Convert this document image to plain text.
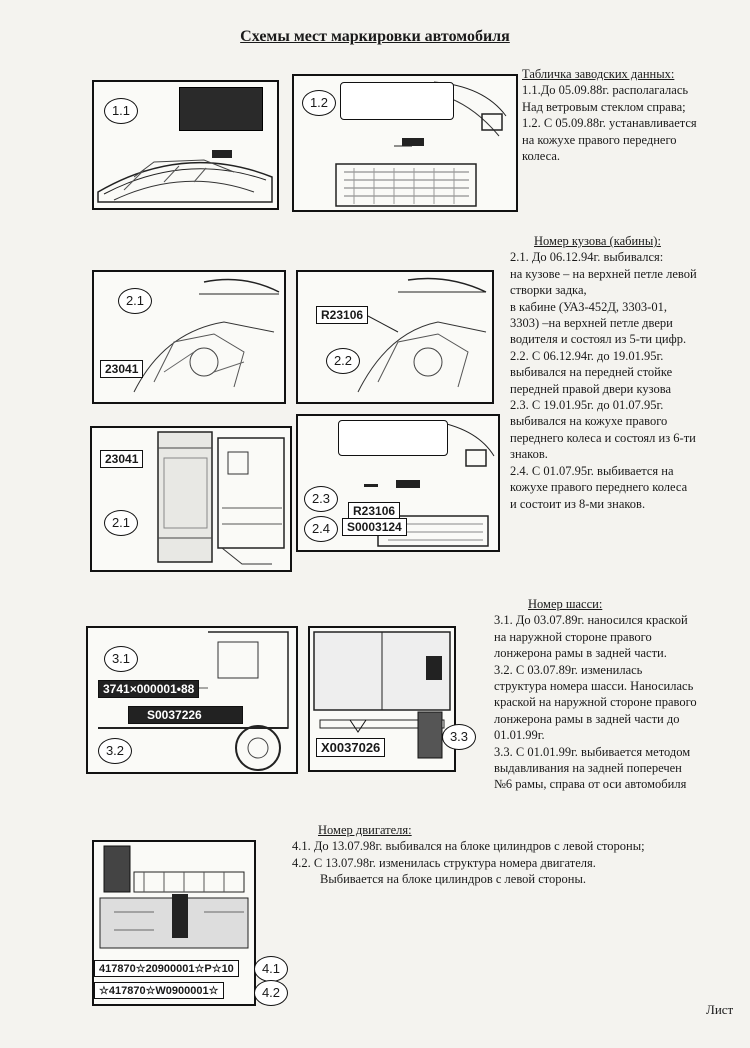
Схемы мест маркировки автомобиля
1.1
1.2
Табличка заводских данных:
1.1.До 05.09.88г. располагалась
Над ветровым стеклом справа;
1.2. С 05.09.88г. устанавливается
на кожухе правого переднего
колеса.
2.1
23041
R23106
2.2
23041
2.1
2.3
R23106
2.4	S0003124
Номер кузова (кабины):
2.1. До 06.12.94г. выбивался:
на кузове – на верхней петле левой
створки задка,
в кабине (УАЗ-452Д, 3303-01,
3303) –на верхней петле двери
водителя и состоял из 5-ти цифр.
2.2. С 06.12.94г. до 19.01.95г.
выбивался на передней стойке
передней правой двери кузова
2.3. С 19.01.95г. до 01.07.95г.
выбивался на кожухе правого
переднего колеса и состоял из 6-ти
знаков.
2.4. С 01.07.95г. выбивается на
кожухе правого переднего колеса
и состоит из 8-ми знаков.
3.1
3741×000001•88
S0037226
3.2	X0037026
3.3
Номер шасси:
3.1. До 03.07.89г. наносился краской
на наружной стороне правого
лонжерона рамы в задней части.
3.2. С 03.07.89г. изменилась
структура номера шасси. Наносилась
краской на наружной стороне правого
лонжерона рамы в задней части до
01.01.99г.
3.3. С 01.01.99г. выбивается методом
выдавливания на задней поперечен
№6 рамы, справа от оси автомобиля
417870☆20900001☆Р☆10
☆417870☆W0900001☆
4.1
4.2
Номер двигателя:
4.1. До 13.07.98г. выбивался на блоке цилиндров с левой стороны;
4.2. С 13.07.98г. изменилась структура номера двигателя.
Выбивается на блоке цилиндров с левой стороны.
Лист
